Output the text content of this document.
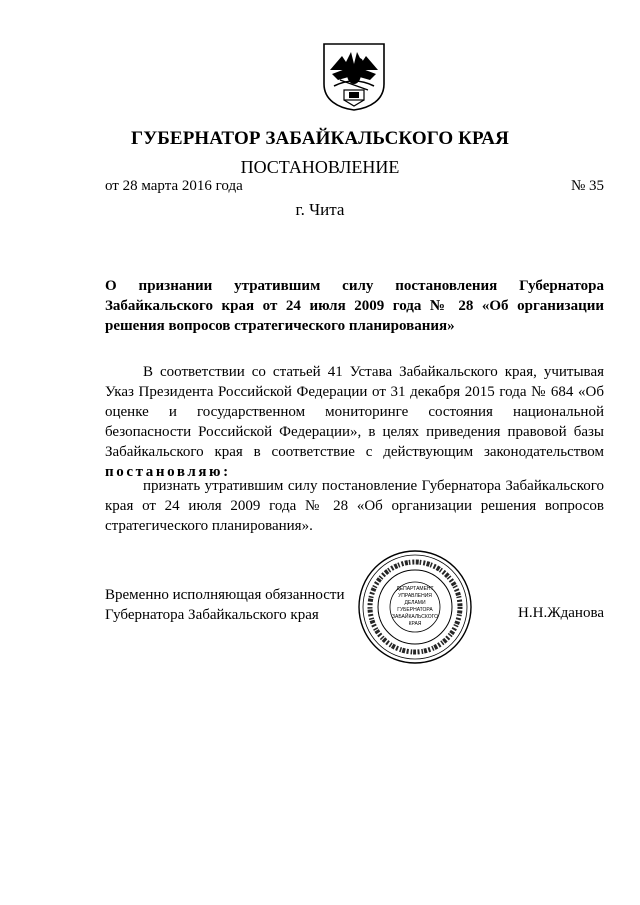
ГУБЕРНАТОР ЗАБАЙКАЛЬСКОГО КРАЯ
ПОСТАНОВЛЕНИЕ
от 28 марта 2016 года	№ 35
г. Чита
О признании утратившим силу постановления Губернатора Забайкальского края от 24 июля 2009 года № 28 «Об организации решения вопросов стратегического планирования»
В соответствии со статьей 41 Устава Забайкальского края, учитывая Указ Президента Российской Федерации от 31 декабря 2015 года № 684 «Об оценке и государственном мониторинге состояния национальной безопасности Российской Федерации», в целях приведения правовой базы Забайкальского края в соответствие с действующим законодательством постановляю:
признать утратившим силу постановление Губернатора Забайкальского края от 24 июля 2009 года № 28 «Об организации решения вопросов стратегического планирования».
Временно исполняющая обязанности
Губернатора Забайкальского края	Н.Н.Жданова
ДЕПАРТАМЕНТ
УПРАВЛЕНИЯ
ДЕЛАМИ
ГУБЕРНАТОРА
ЗАБАЙКАЛЬСКОГО
КРАЯ
